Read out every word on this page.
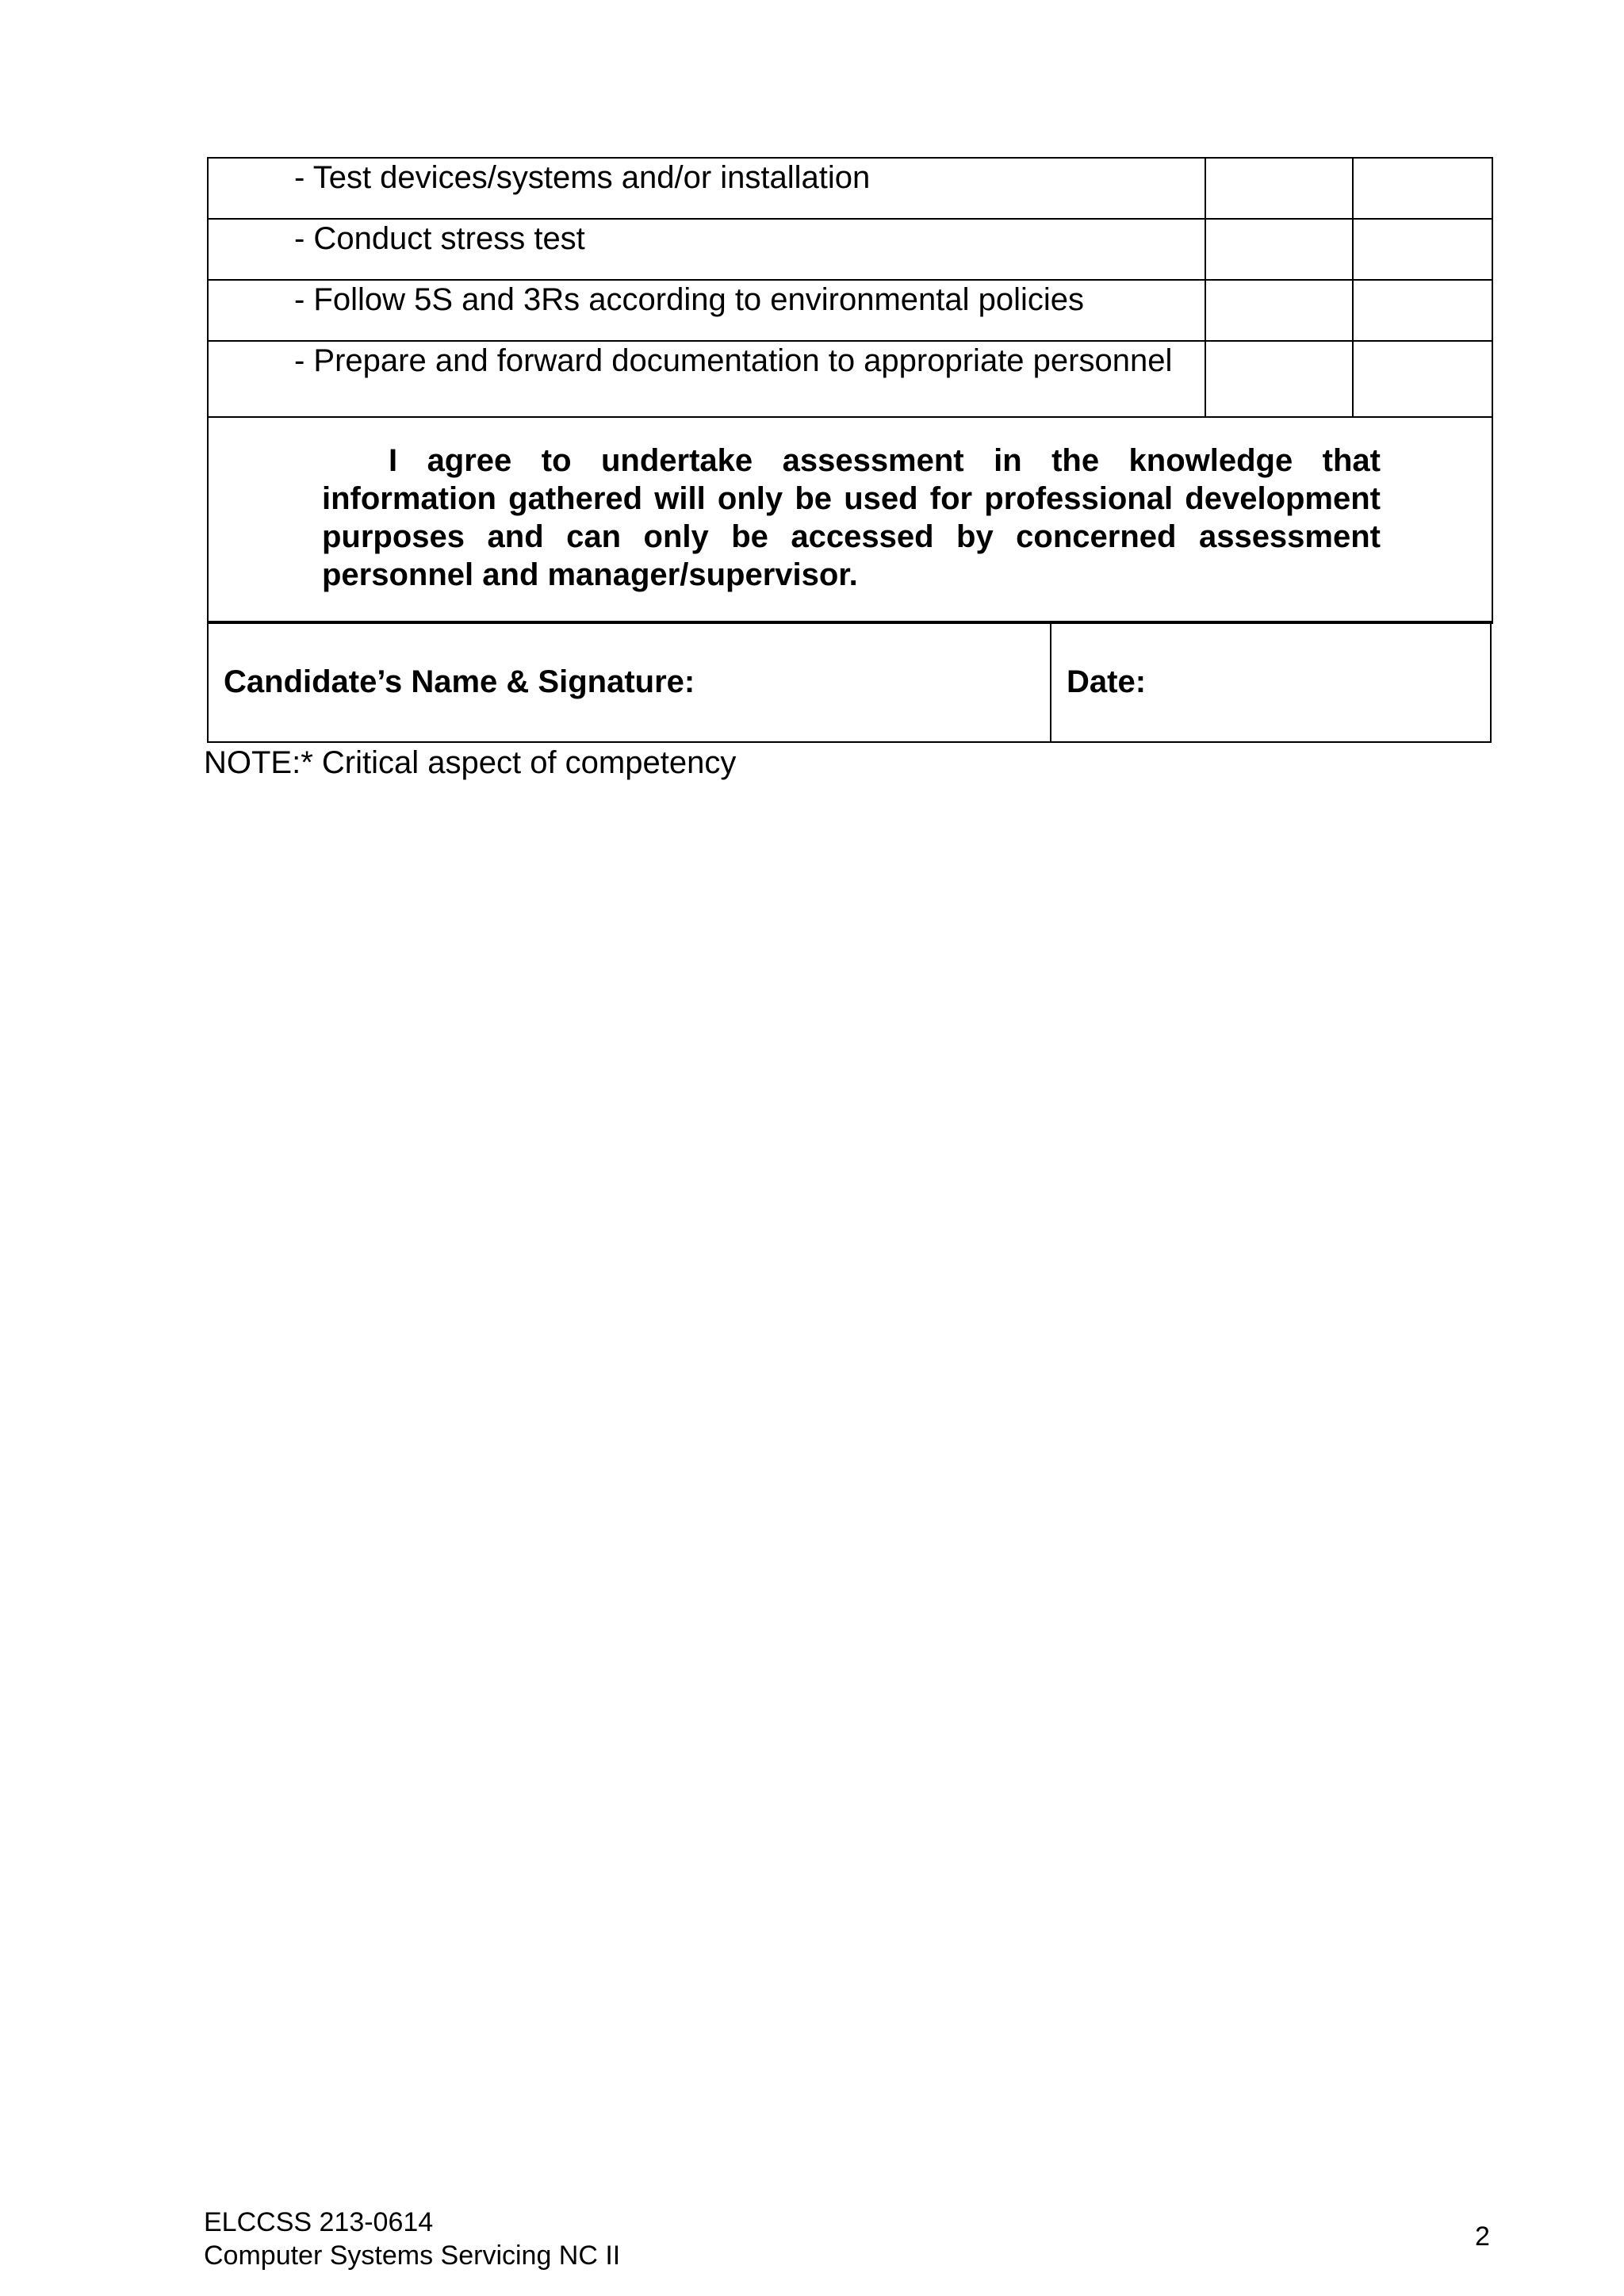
- Test devices/systems and/or installation		

- Conduct stress test		

- Follow 5S and 3Rs according to environmental policies		

- Prepare and forward documentation to appropriate personnel		

I agree to undertake assessment in the knowledge that information gathered will only be used for professional development purposes and can only be accessed by concerned assessment personnel and manager/supervisor.		
Candidate’s Name & Signature:	Date:
NOTE:* Critical aspect of competency
ELCCSS 213-0614
Computer Systems Servicing NC II
2
